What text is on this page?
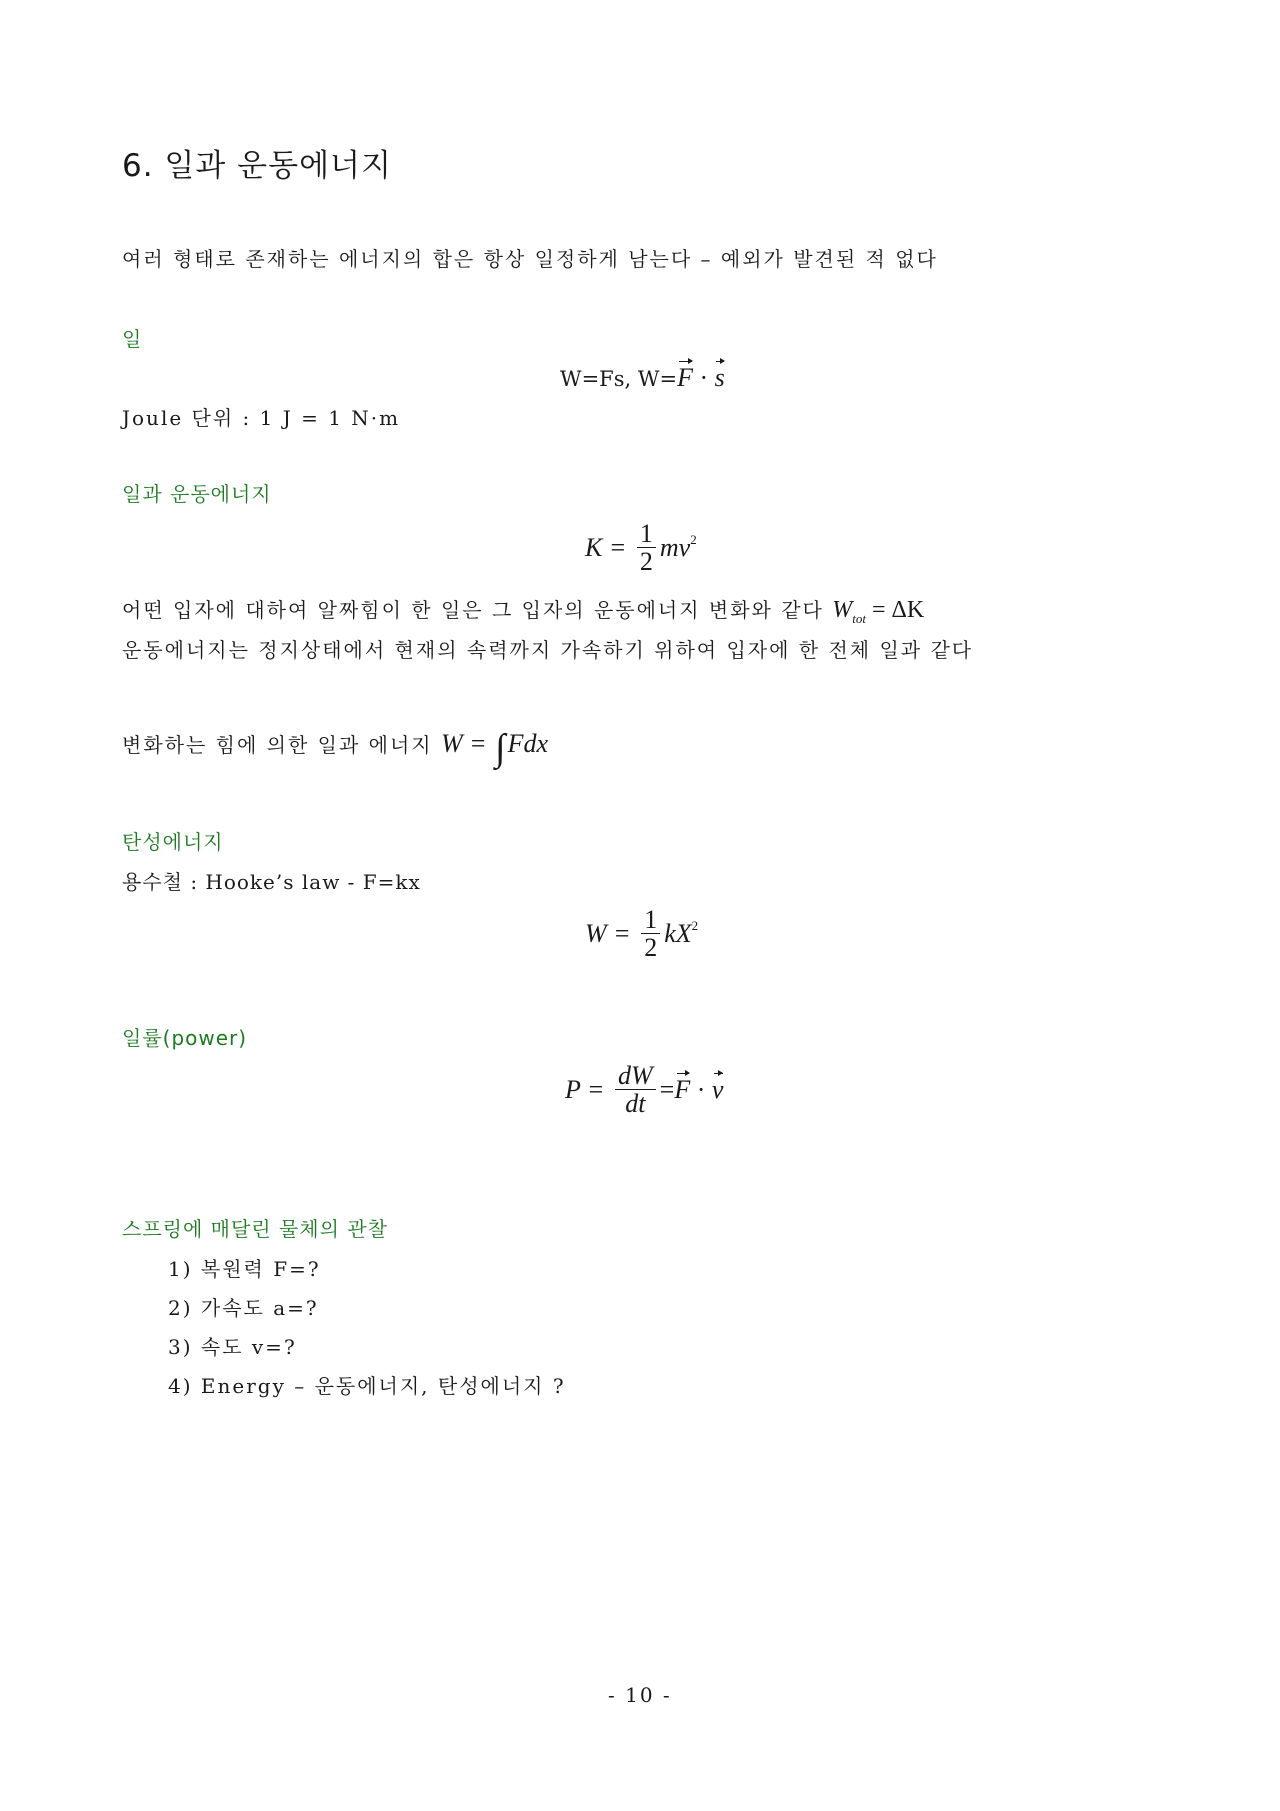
6. 일과 운동에너지
여러 형태로 존재하는 에너지의 합은 항상 일정하게 남는다 – 예외가 발견된 적 없다
일
W=Fs, W=F · s
Joule 단위 : 1 J = 1 N·m
일과 운동에너지
$K = \frac{1}{2} mv^2$
어떤 입자에 대하여 알짜힘이 한 일은 그 입자의 운동에너지 변화와 같다 $W_{tot} = \Delta K$
운동에너지는 정지상태에서 현재의 속력까지 가속하기 위하여 입자에 한 전체 일과 같다
변화하는 힘에 의한 일과 에너지 W = ∫Fdx
탄성에너지
용수철 : Hooke’s law - F=kx
$W = \frac{1}{2} kX^2$
일률(power)
$P = \frac{dW}{dt} =F \cdot v$
스프링에 매달린 물체의 관찰
1) 복원력 F=?
2) 가속도 a=?
3) 속도 v=?
4) Energy – 운동에너지, 탄성에너지 ?
- 10 -
